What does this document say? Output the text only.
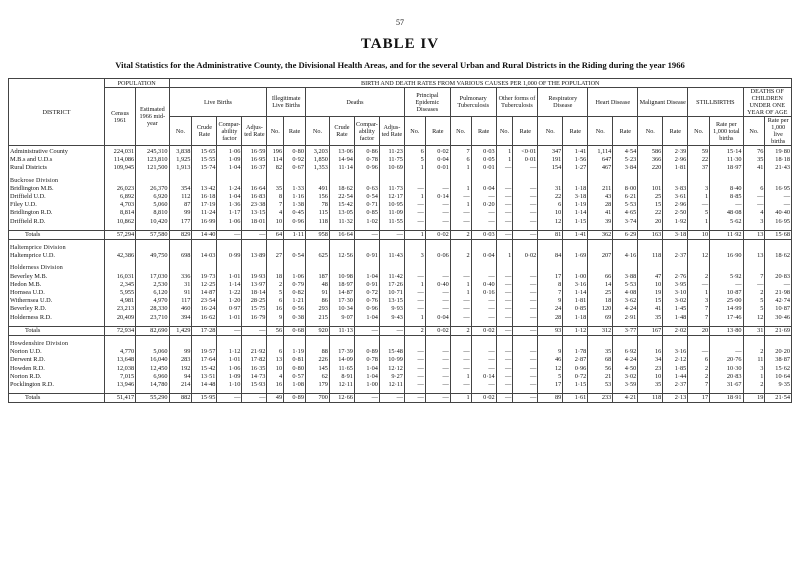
57
TABLE IV
Vital Statistics for the Administrative County, the Divisional Health Areas, and for the several Urban and Rural Districts in the Riding during the year 1966
DISTRICT	POPULATION		BIRTH AND DEATH RATES FROM VARIOUS CAUSES PER 1,000 OF THE POPULATION																									
	Census 1961	Estimated 1966 mid-year	Live Births				Illegitimate Live Births		Deaths				Principal Epidemic Diseases		Pulmonary Tuberculosis		Other forms of Tuberculosis		Respiratory Disease		Heart Disease		Malignant Disease		STILLBIRTHS		DEATHS OF CHILDREN UNDER ONE YEAR OF AGE	
			No.	Crude Rate	Compar- ability factor	Adjus- ted Rate	No.	Rate	No.	Crude Rate	Compar- ability factor	Adjus- ted Rate	No.	Rate	No.	Rate	No.	Rate	No.	Rate	No.	Rate	No.	Rate	No.	Rate per 1,000 total births	No.	Rate per 1,000 live births
Administrative County	224,031	245,310	3,838	15·65	1·06	16·59	196	0·80	3,203	13·06	0·86	11·23	6	0·02	7	0·03	1	<0·01	347	1·41	1,114	4·54	586	2·39	59	15·14	76	19·80
M.B.s and U.D.s	114,086	123,810	1,925	15·55	1·09	16·95	114	0·92	1,850	14·94	0·78	11·75	5	0·04	6	0·05	1	0·01	191	1·56	647	5·23	366	2·96	22	11·30	35	18·18
Rural Districts	109,945	121,500	1,913	15·74	1·04	16·37	82	0·67	1,353	11·14	0·96	10·69	1	0·01	1	0·01	—	—	154	1·27	467	3·84	220	1·81	37	18·97	41	21·43

Buckrose Division																												
Bridlington M.B.	26,023	26,370	354	13·42	1·24	16·64	35	1·33	491	18·62	0·63	11·73	—	—	1	0·04	—	—	31	1·18	211	8·00	101	3·83	3	8·40	6	16·95
Driffield U.D.	6,892	6,920	112	16·18	1·04	16·83	8	1·16	156	22·54	0·54	12·17	1	0·14	—	—	—	—	22	3·18	43	6·21	25	3·61	1	8·85	—	—
Filey U.D.	4,703	5,060	87	17·19	1·36	23·38	7	1·38	78	15·42	0·71	10·95	—	—	1	0·20	—	—	6	1·19	28	5·53	15	2·96	—	—	—	—
Bridlington R.D.	8,814	8,810	99	11·24	1·17	13·15	4	0·45	115	13·05	0·85	11·09	—	—	—	—	—	—	10	1·14	41	4·65	22	2·50	5	48·08	4	40·40
Driffield R.D.	10,862	10,420	177	16·99	1·06	18·01	10	0·96	118	11·32	1·02	11·55	—	—	—	—	—	—	12	1·15	39	3·74	20	1·92	1	5·62	3	16·95

Totals	57,294	57,580	829	14·40	—	—	64	1·11	958	16·64	—	—	1	0·02	2	0·03	—	—	81	1·41	362	6·29	163	3·18	10	11·92	13	15·68

Haltemprice Division																												
Haltemprice U.D.	42,386	49,750	698	14·03	0·99	13·89	27	0·54	625	12·56	0·91	11·43	3	0·06	2	0·04	1	0·02	84	1·69	207	4·16	118	2·37	12	16·90	13	18·62

Holderness Division																												
Beverley M.B.	16,031	17,030	336	19·73	1·01	19·93	18	1·06	187	10·98	1·04	11·42	—	—	—	—	—	—	17	1·00	66	3·88	47	2·76	2	5·92	7	20·83
Hedon M.B.	2,345	2,530	31	12·25	1·14	13·97	2	0·79	48	18·97	0·91	17·26	1	0·40	1	0·40	—	—	8	3·16	14	5·53	10	3·95	—	—	—	—
Hornsea U.D.	5,955	6,120	91	14·87	1·22	18·14	5	0·82	91	14·87	0·72	10·71	—	—	1	0·16	—	—	7	1·14	25	4·08	19	3·10	1	10·87	2	21·98
Withernsea U.D.	4,981	4,970	117	23·54	1·20	28·25	6	1·21	86	17·30	0·76	13·15	—	—	—	—	—	—	9	1·81	18	3·62	15	3·02	3	25·00	5	42·74
Beverley R.D.	23,213	28,330	460	16·24	0·97	15·75	16	0·56	293	10·34	0·96	9·93	—	—	—	—	—	—	24	0·85	120	4·24	41	1·45	7	14·99	5	10·87
Holderness R.D.	20,409	23,710	394	16·62	1·01	16·79	9	0·38	215	9·07	1·04	9·43	1	0·04	—	—	—	—	28	1·18	69	2·91	35	1·48	7	17·46	12	30·46

Totals	72,934	82,690	1,429	17·28	—	—	56	0·68	920	11·13	—	—	2	0·02	2	0·02	—	—	93	1·12	312	3·77	167	2·02	20	13·80	31	21·69

Howdenshire Division																												
Norton U.D.	4,770	5,060	99	19·57	1·12	21·92	6	1·19	88	17·39	0·89	15·48	—	—	—	—	—	—	9	1·78	35	6·92	16	3·16	—	—	2	20·20
Derwent R.D.	13,648	16,040	283	17·64	1·01	17·82	13	0·81	226	14·09	0·78	10·99	—	—	—	—	—	—	46	2·87	68	4·24	34	2·12	6	20·76	11	38·87
Howden R.D.	12,038	12,450	192	15·42	1·06	16·35	10	0·80	145	11·65	1·04	12·12	—	—	—	—	—	—	12	0·96	56	4·50	23	1·85	2	10·30	3	15·62
Norton R.D.	7,015	6,960	94	13·51	1·09	14·73	4	0·57	62	8·91	1·04	9·27	—	—	1	0·14	—	—	5	0·72	21	3·02	10	1·44	2	20·83	1	10·64
Pocklington R.D.	13,946	14,780	214	14·48	1·10	15·93	16	1·08	179	12·11	1·00	12·11	—	—	—	—	—	—	17	1·15	53	3·59	35	2·37	7	31·67	2	9·35

Totals	51,417	55,290	882	15·95	—	—	49	0·89	700	12·66	—	—	—	—	1	0·02	—	—	89	1·61	233	4·21	118	2·13	17	18·91	19	21·54
